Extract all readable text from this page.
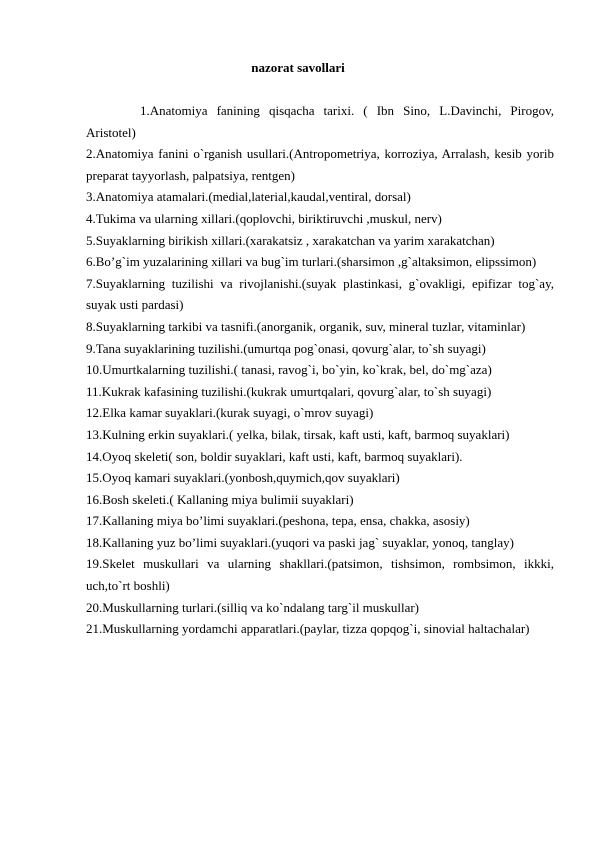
nazorat savollari

1.Anatomiya fanining qisqacha tarixi. ( Ibn Sino, L.Davinchi, Pirogov, Aristotel)

2.Anatomiya fanini o`rganish usullari.(Antropometriya, korroziya, Arralash, kesib yorib preparat tayyorlash, palpatsiya, rentgen)

3.Anatomiya atamalari.(medial,laterial,kaudal,ventiral, dorsal)

4.Tukima va ularning xillari.(qoplovchi, biriktiruvchi ,muskul, nerv)

5.Suyaklarning birikish xillari.(xarakatsiz , xarakatchan va yarim xarakatchan)

6.Bo’g`im yuzalarining xillari va bug`im turlari.(sharsimon ,g`altaksimon, elipssimon)

7.Suyaklarning tuzilishi va rivojlanishi.(suyak plastinkasi, g`ovakligi, epifizar tog`ay, suyak usti pardasi)

8.Suyaklarning tarkibi va tasnifi.(anorganik, organik, suv, mineral tuzlar, vitaminlar)

9.Tana suyaklarining tuzilishi.(umurtqa pog`onasi, qovurg`alar, to`sh suyagi)

10.Umurtkalarning tuzilishi.( tanasi, ravog`i, bo`yin, ko`krak, bel, do`mg`aza)

11.Kukrak kafasining tuzilishi.(kukrak umurtqalari, qovurg`alar, to`sh suyagi)

12.Elka kamar suyaklari.(kurak suyagi, o`mrov suyagi)

13.Kulning erkin suyaklari.( yelka, bilak, tirsak, kaft usti, kaft, barmoq suyaklari)

14.Oyoq skeleti( son, boldir suyaklari, kaft usti, kaft, barmoq suyaklari).

15.Oyoq kamari suyaklari.(yonbosh,quymich,qov suyaklari)

16.Bosh skeleti.( Kallaning miya bulimii suyaklari)

17.Kallaning miya bo’limi suyaklari.(peshona, tepa, ensa, chakka, asosiy)

18.Kallaning yuz bo’limi suyaklari.(yuqori va paski jag` suyaklar, yonoq, tanglay)

19.Skelet muskullari va ularning shakllari.(patsimon, tishsimon, rombsimon, ikkki, uch,to`rt boshli)

20.Muskullarning turlari.(silliq va ko`ndalang targ`il muskullar)

21.Muskullarning yordamchi apparatlari.(paylar, tizza qopqog`i, sinovial haltachalar)
